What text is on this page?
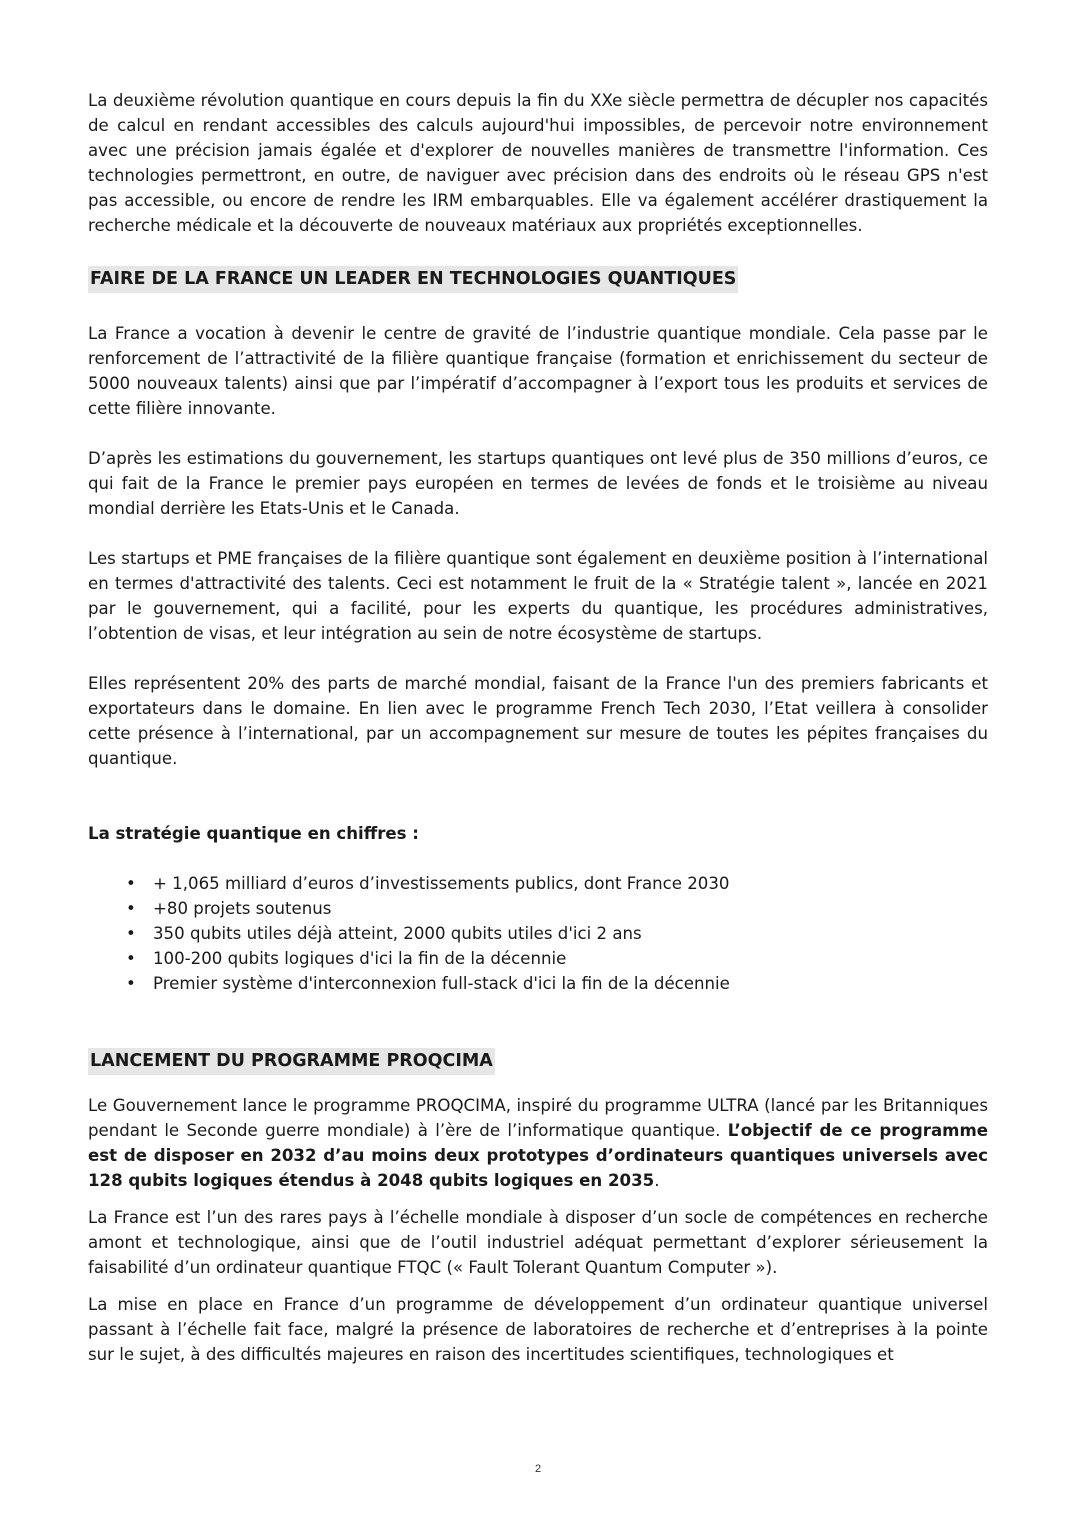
La deuxième révolution quantique en cours depuis la fin du XXe siècle permettra de décupler nos capacités de calcul en rendant accessibles des calculs aujourd'hui impossibles, de percevoir notre environnement avec une précision jamais égalée et d'explorer de nouvelles manières de transmettre l'information. Ces technologies permettront, en outre, de naviguer avec précision dans des endroits où le réseau GPS n'est pas accessible, ou encore de rendre les IRM embarquables. Elle va également accélérer drastiquement la recherche médicale et la découverte de nouveaux matériaux aux propriétés exceptionnelles.

FAIRE DE LA FRANCE UN LEADER EN TECHNOLOGIES QUANTIQUES

La France a vocation à devenir le centre de gravité de l’industrie quantique mondiale. Cela passe par le renforcement de l’attractivité de la filière quantique française (formation et enrichissement du secteur de 5000 nouveaux talents) ainsi que par l’impératif d’accompagner à l’export tous les produits et services de cette filière innovante.

D’après les estimations du gouvernement, les startups quantiques ont levé plus de 350 millions d’euros, ce qui fait de la France le premier pays européen en termes de levées de fonds et le troisième au niveau mondial derrière les Etats-Unis et le Canada.

Les startups et PME françaises de la filière quantique sont également en deuxième position à l’international en termes d'attractivité des talents. Ceci est notamment le fruit de la « Stratégie talent », lancée en 2021 par le gouvernement, qui a facilité, pour les experts du quantique, les procédures administratives, l’obtention de visas, et leur intégration au sein de notre écosystème de startups.

Elles représentent 20% des parts de marché mondial, faisant de la France l'un des premiers fabricants et exportateurs dans le domaine. En lien avec le programme French Tech 2030, l’Etat veillera à consolider cette présence à l’international, par un accompagnement sur mesure de toutes les pépites françaises du quantique.

La stratégie quantique en chiffres :
• + 1,065 milliard d’euros d’investissements publics, dont France 2030
• +80 projets soutenus
• 350 qubits utiles déjà atteint, 2000 qubits utiles d'ici 2 ans
• 100-200 qubits logiques d'ici la fin de la décennie
• Premier système d'interconnexion full-stack d'ici la fin de la décennie
LANCEMENT DU PROGRAMME PROQCIMA

Le Gouvernement lance le programme PROQCIMA, inspiré du programme ULTRA (lancé par les Britanniques pendant le Seconde guerre mondiale) à l’ère de l’informatique quantique. L’objectif de ce programme est de disposer en 2032 d’au moins deux prototypes d’ordinateurs quantiques universels avec 128 qubits logiques étendus à 2048 qubits logiques en 2035.

La France est l’un des rares pays à l’échelle mondiale à disposer d’un socle de compétences en recherche amont et technologique, ainsi que de l’outil industriel adéquat permettant d’explorer sérieusement la faisabilité d’un ordinateur quantique FTQC (« Fault Tolerant Quantum Computer »).

La mise en place en France d’un programme de développement d’un ordinateur quantique universel passant à l’échelle fait face, malgré la présence de laboratoires de recherche et d’entreprises à la pointe sur le sujet, à des difficultés majeures en raison des incertitudes scientifiques, technologiques et

2
